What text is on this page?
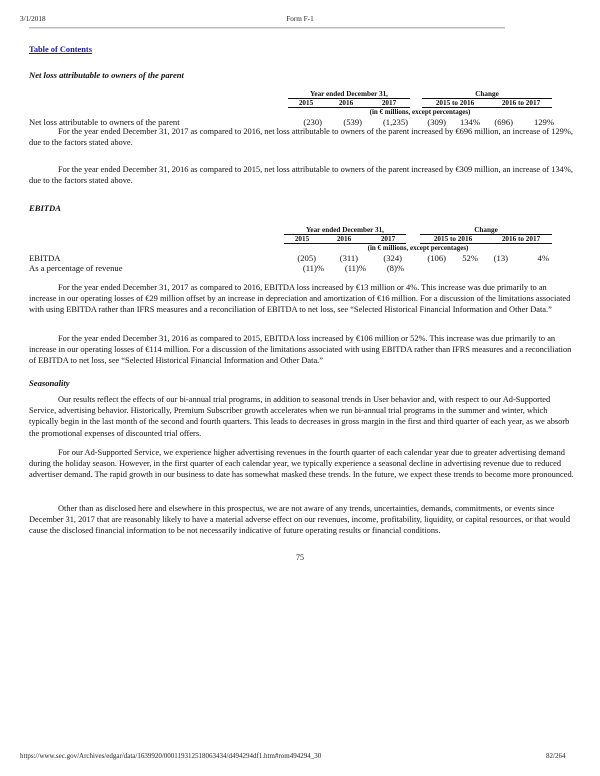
3/1/2018	Form F-1
Table of Contents
Net loss attributable to owners of the parent
Year ended December 31,	Change
2015	2016	2017	2015 to 2016	2016 to 2017
(in € millions, except percentages)
Net loss attributable to owners of the parent	(230)	(539)	(1,235)	(309)	134%	(696)	129%

For the year ended December 31, 2017 as compared to 2016, net loss attributable to owners of the parent increased by €696 million, an increase of 129%, due to the factors stated above.

For the year ended December 31, 2016 as compared to 2015, net loss attributable to owners of the parent increased by €309 million, an increase of 134%, due to the factors stated above.

EBITDA
Year ended December 31,	Change
2015	2016	2017	2015 to 2016	2016 to 2017
(in € millions, except percentages)
EBITDA	(205)	(311)	(324)	(106)	52%	(13)	4%
As a percentage of revenue	(11)%	(11)%	(8)%

For the year ended December 31, 2017 as compared to 2016, EBITDA loss increased by €13 million or 4%. This increase was due primarily to an increase in our operating losses of €29 million offset by an increase in depreciation and amortization of €16 million. For a discussion of the limitations associated with using EBITDA rather than IFRS measures and a reconciliation of EBITDA to net loss, see “Selected Historical Financial Information and Other Data.”

For the year ended December 31, 2016 as compared to 2015, EBITDA loss increased by €106 million or 52%. This increase was due primarily to an increase in our operating losses of €114 million. For a discussion of the limitations associated with using EBITDA rather than IFRS measures and a reconciliation of EBITDA to net loss, see “Selected Historical Financial Information and Other Data.”

Seasonality

Our results reflect the effects of our bi-annual trial programs, in addition to seasonal trends in User behavior and, with respect to our Ad-Supported Service, advertising behavior. Historically, Premium Subscriber growth accelerates when we run bi-annual trial programs in the summer and winter, which typically begin in the last month of the second and fourth quarters. This leads to decreases in gross margin in the first and third quarter of each year, as we absorb the promotional expenses of discounted trial offers.

For our Ad-Supported Service, we experience higher advertising revenues in the fourth quarter of each calendar year due to greater advertising demand during the holiday season. However, in the first quarter of each calendar year, we typically experience a seasonal decline in advertising revenue due to reduced advertiser demand. The rapid growth in our business to date has somewhat masked these trends. In the future, we expect these trends to become more pronounced.

Other than as disclosed here and elsewhere in this prospectus, we are not aware of any trends, uncertainties, demands, commitments, or events since December 31, 2017 that are reasonably likely to have a material adverse effect on our revenues, income, profitability, liquidity, or capital resources, or that would cause the disclosed financial information to be not necessarily indicative of future operating results or financial conditions.

75
https://www.sec.gov/Archives/edgar/data/1639920/000119312518063434/d494294df1.htm#rom494294_30	82/264
